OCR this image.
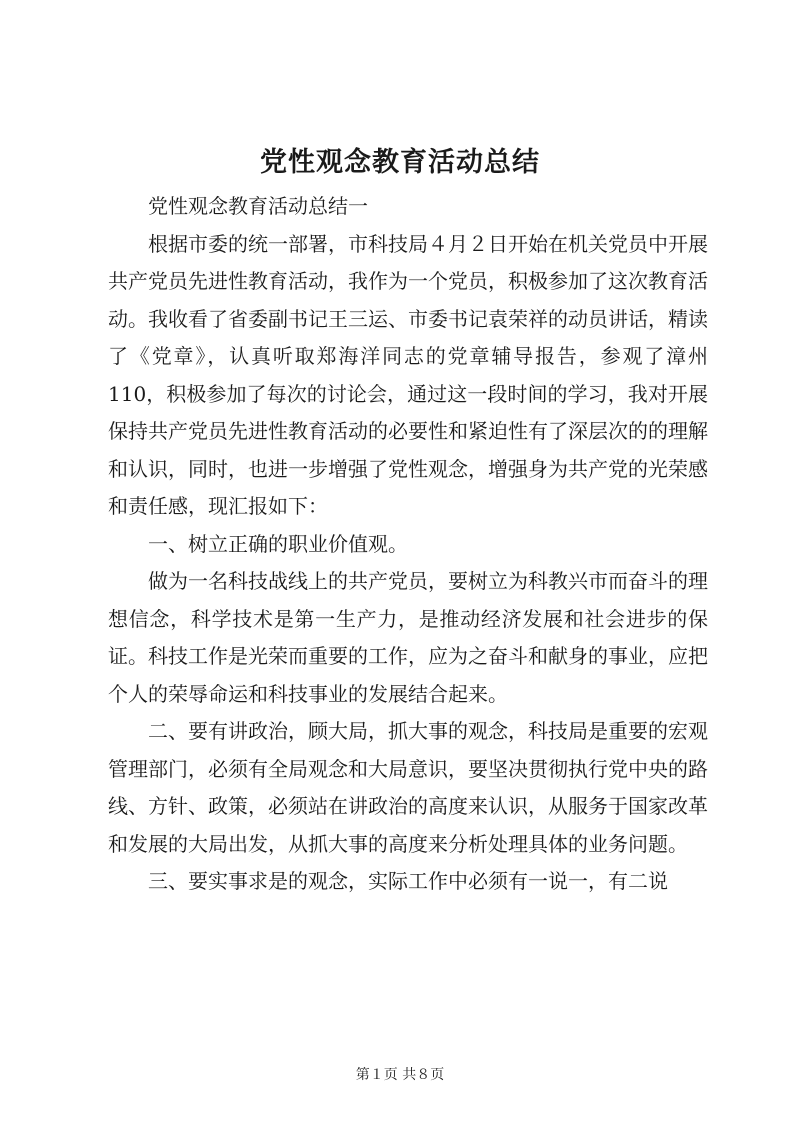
党性观念教育活动总结

党性观念教育活动总结一

根据市委的统一部署，市科技局４月２日开始在机关党员中开展共产党员先进性教育活动，我作为一个党员，积极参加了这次教育活动。我收看了省委副书记王三运、市委书记袁荣祥的动员讲话，精读了《党章》，认真听取郑海洋同志的党章辅导报告，参观了漳州110，积极参加了每次的讨论会，通过这一段时间的学习，我对开展保持共产党员先进性教育活动的必要性和紧迫性有了深层次的的理解和认识，同时，也进一步增强了党性观念，增强身为共产党的光荣感和责任感，现汇报如下：

一、树立正确的职业价值观。

做为一名科技战线上的共产党员，要树立为科教兴市而奋斗的理想信念，科学技术是第一生产力，是推动经济发展和社会进步的保证。科技工作是光荣而重要的工作，应为之奋斗和献身的事业，应把个人的荣辱命运和科技事业的发展结合起来。

二、要有讲政治，顾大局，抓大事的观念，科技局是重要的宏观管理部门，必须有全局观念和大局意识，要坚决贯彻执行党中央的路线、方针、政策，必须站在讲政治的高度来认识，从服务于国家改革和发展的大局出发，从抓大事的高度来分析处理具体的业务问题。

三、要实事求是的观念，实际工作中必须有一说一，有二说

第１页 共８页
